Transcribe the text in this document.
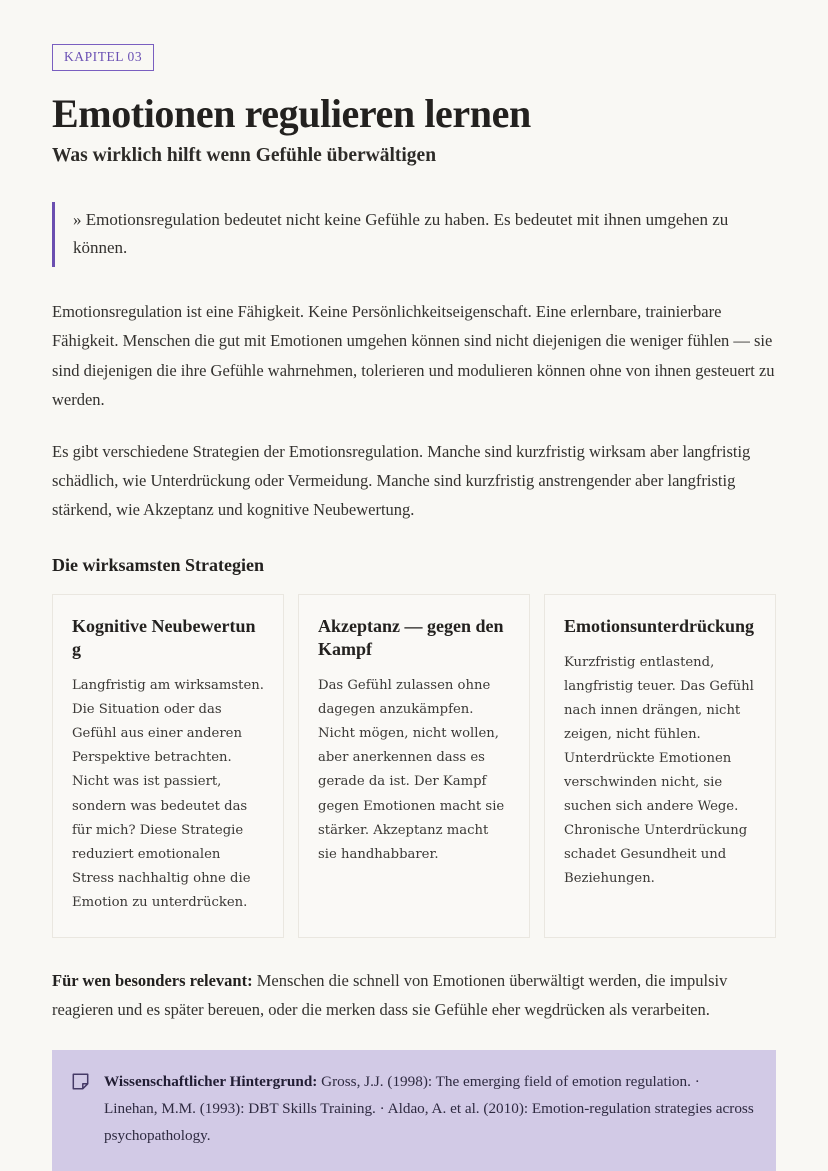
KAPITEL 03
Emotionen regulieren lernen
Was wirklich hilft wenn Gefühle überwältigen

» Emotionsregulation bedeutet nicht keine Gefühle zu haben. Es bedeutet mit ihnen umgehen zu können.

Emotionsregulation ist eine Fähigkeit. Keine Persönlichkeitseigenschaft. Eine erlernbare, trainierbare Fähigkeit. Menschen die gut mit Emotionen umgehen können sind nicht diejenigen die weniger fühlen — sie sind diejenigen die ihre Gefühle wahrnehmen, tolerieren und modulieren können ohne von ihnen gesteuert zu werden.

Es gibt verschiedene Strategien der Emotionsregulation. Manche sind kurzfristig wirksam aber langfristig schädlich, wie Unterdrückung oder Vermeidung. Manche sind kurzfristig anstrengender aber langfristig stärkend, wie Akzeptanz und kognitive Neubewertung.

Die wirksamsten Strategien
Kognitive Neubewertung

Langfristig am wirksamsten. Die Situation oder das Gefühl aus einer anderen Perspektive betrachten. Nicht was ist passiert, sondern was bedeutet das für mich? Diese Strategie reduziert emotionalen Stress nachhaltig ohne die Emotion zu unterdrücken.

Akzeptanz — gegen den Kampf

Das Gefühl zulassen ohne dagegen anzukämpfen. Nicht mögen, nicht wollen, aber anerkennen dass es gerade da ist. Der Kampf gegen Emotionen macht sie stärker. Akzeptanz macht sie handhabbarer.

Emotionsunterdrückung

Kurzfristig entlastend, langfristig teuer. Das Gefühl nach innen drängen, nicht zeigen, nicht fühlen. Unterdrückte Emotionen verschwinden nicht, sie suchen sich andere Wege. Chronische Unterdrückung schadet Gesundheit und Beziehungen.

Für wen besonders relevant: Menschen die schnell von Emotionen überwältigt werden, die impulsiv reagieren und es später bereuen, oder die merken dass sie Gefühle eher wegdrücken als verarbeiten.

Wissenschaftlicher Hintergrund: Gross, J.J. (1998): The emerging field of emotion regulation. · Linehan, M.M. (1993): DBT Skills Training. · Aldao, A. et al. (2010): Emotion-regulation strategies across psychopathology.
